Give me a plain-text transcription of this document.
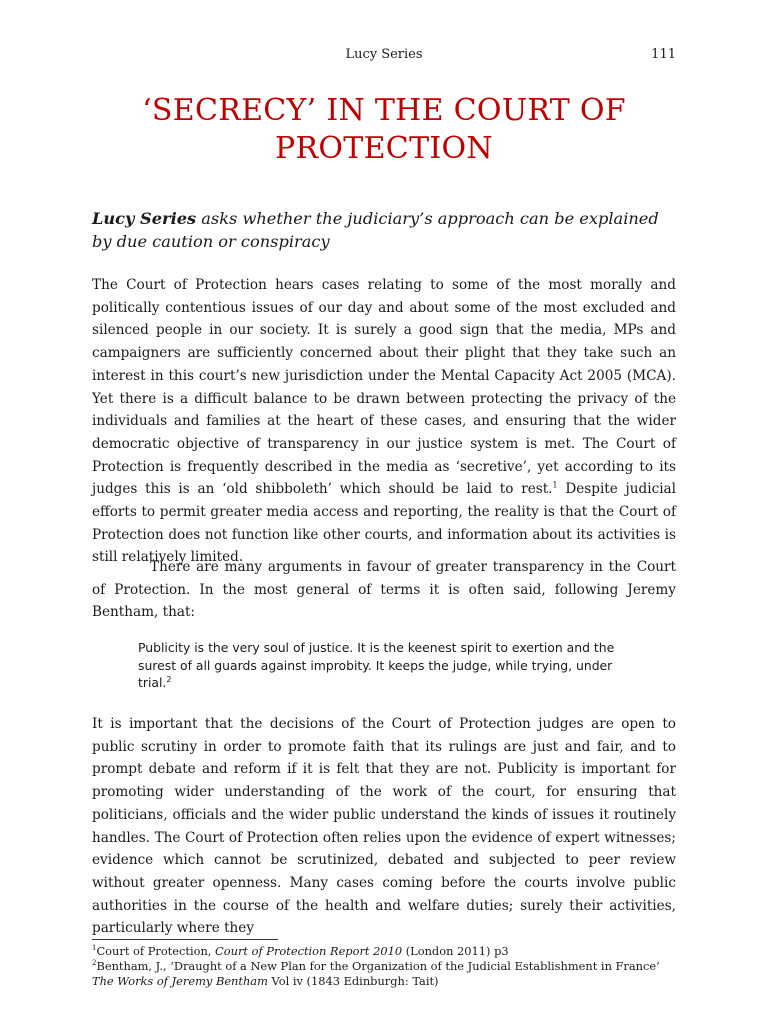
Lucy Series	111
‘SECRECY’ IN THE COURT OF
PROTECTION

Lucy Series asks whether the judiciary’s approach can be explained by due caution or conspiracy

The Court of Protection hears cases relating to some of the most morally and politically contentious issues of our day and about some of the most excluded and silenced people in our society. It is surely a good sign that the media, MPs and campaigners are sufficiently concerned about their plight that they take such an interest in this court’s new jurisdiction under the Mental Capacity Act 2005 (MCA). Yet there is a difficult balance to be drawn between protecting the privacy of the individuals and families at the heart of these cases, and ensuring that the wider democratic objective of transparency in our justice system is met. The Court of Protection is frequently described in the media as ‘secretive’, yet according to its judges this is an ‘old shibboleth’ which should be laid to rest.$^1$ Despite judicial efforts to permit greater media access and reporting, the reality is that the Court of Protection does not function like other courts, and information about its activities is still relatively limited.

There are many arguments in favour of greater transparency in the Court of Protection. In the most general of terms it is often said, following Jeremy Bentham, that:

Publicity is the very soul of justice. It is the keenest spirit to exertion and the surest of all guards against improbity. It keeps the judge, while trying, under trial.$^2$

It is important that the decisions of the Court of Protection judges are open to public scrutiny in order to promote faith that its rulings are just and fair, and to prompt debate and reform if it is felt that they are not. Publicity is important for promoting wider understanding of the work of the court, for ensuring that politicians, officials and the wider public understand the kinds of issues it routinely handles. The Court of Protection often relies upon the evidence of expert witnesses; evidence which cannot be scrutinized, debated and subjected to peer review without greater openness. Many cases coming before the courts involve public authorities in the course of the health and welfare duties; surely their activities, particularly where they

$^1$Court of Protection, Court of Protection Report 2010 (London 2011) p3

$^2$Bentham, J., ‘Draught of a New Plan for the Organization of the Judicial Establishment in France’
The Works of Jeremy Bentham Vol iv (1843 Edinburgh: Tait)
